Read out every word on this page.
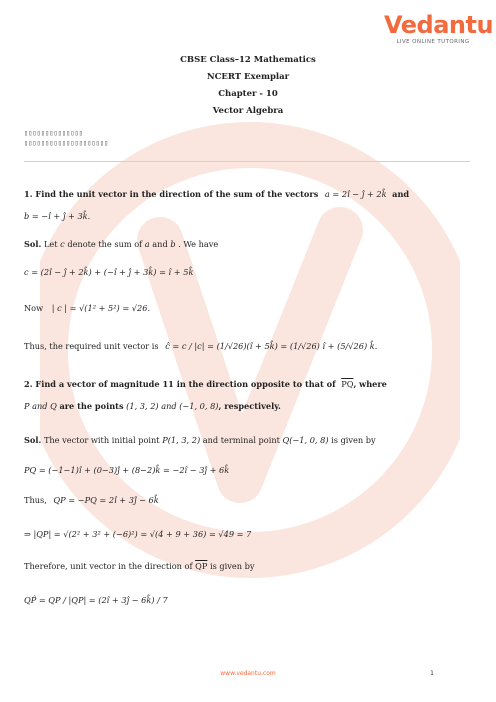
Vedantu
LIVE ONLINE TUTORING
CBSE Class–12 Mathematics
NCERT Exemplar
Chapter - 10
Vector Algebra
▯▯▯▯▯▯▯▯▯▯▯▯▯▯
▯▯▯▯▯▯▯▯▯▯▯▯▯▯▯▯▯▯▯▯
1. Find the unit vector in the direction of the sum of the vectors a = 2î − ĵ + 2k̂ and
b = −î + ĵ + 3k̂.
Sol. Let c denote the sum of a and b . We have
c = (2î − ĵ + 2k̂) + (−î + ĵ + 3k̂) = î + 5k̂
Now | c | = √(1² + 5²) = √26.
Thus, the required unit vector is ĉ = c / |c| = (1/√26)(î + 5k̂) = (1/√26) î + (5/√26) k̂.
2. Find a vector of magnitude 11 in the direction opposite to that of $\overline{PQ}$, where
P and Q are the points (1, 3, 2) and (−1, 0, 8), respectively.
Sol. The vector with initial point P(1, 3, 2) and terminal point Q(−1, 0, 8) is given by
PQ = (−1−1)î + (0−3)ĵ + (8−2)k̂ = −2î − 3ĵ + 6k̂
Thus, QP = −PQ = 2î + 3ĵ − 6k̂
⇒ |QP| = √(2² + 3² + (−6)²) = √(4 + 9 + 36) = √49 = 7
Therefore, unit vector in the direction of $\overline{QP}$ is given by
QP̂ = QP / |QP| = (2î + 3ĵ − 6k̂) / 7
www.vedantu.com	1
